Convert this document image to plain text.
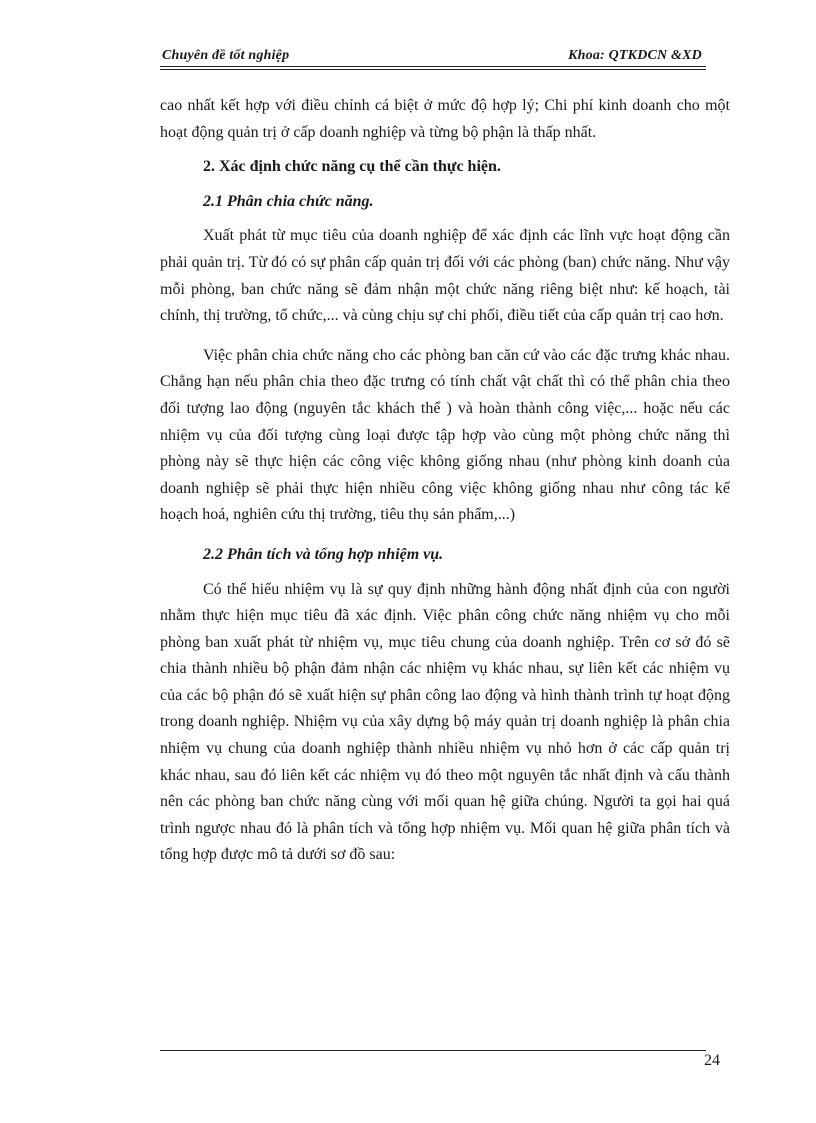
Chuyên đề tốt nghiệp	Khoa: QTKDCN &XD

cao nhất kết hợp với điều chỉnh cá biệt ở mức độ hợp lý; Chi phí kinh doanh cho một hoạt động quản trị ở cấp doanh nghiệp và từng bộ phận là thấp nhất.

2. Xác định chức năng cụ thể cần thực hiện.

2.1 Phân chia chức năng.

Xuất phát từ mục tiêu của doanh nghiệp để xác định các lĩnh vực hoạt động cần phải quản trị. Từ đó có sự phân cấp quản trị đối với các phòng (ban) chức năng. Như vậy mỗi phòng, ban chức năng sẽ đảm nhận một chức năng riêng biệt như: kế hoạch, tài chính, thị trường, tổ chức,... và cùng chịu sự chi phối, điều tiết của cấp quản trị cao hơn.

Việc phân chia chức năng cho các phòng ban căn cứ vào các đặc trưng khác nhau. Chẳng hạn nếu phân chia theo đặc trưng có tính chất vật chất thì có thể phân chia theo đối tượng lao động (nguyên tắc khách thể ) và hoàn thành công việc,... hoặc nếu các nhiệm vụ của đối tượng cùng loại được tập hợp vào cùng một phòng chức năng thì phòng này sẽ thực hiện các công việc không giống nhau (như phòng kinh doanh của doanh nghiệp sẽ phải thực hiện nhiều công việc không giống nhau như công tác kế hoạch hoá, nghiên cứu thị trường, tiêu thụ sản phẩm,...)

2.2 Phân tích và tổng hợp nhiệm vụ.

Có thể hiểu nhiệm vụ là sự quy định những hành động nhất định của con người nhằm thực hiện mục tiêu đã xác định. Việc phân công chức năng nhiệm vụ cho mỗi phòng ban xuất phát từ nhiệm vụ, mục tiêu chung của doanh nghiệp. Trên cơ sở đó sẽ chia thành nhiều bộ phận đảm nhận các nhiệm vụ khác nhau, sự liên kết các nhiệm vụ của các bộ phận đó sẽ xuất hiện sự phân công lao động và hình thành trình tự hoạt động trong doanh nghiệp. Nhiệm vụ của xây dựng bộ máy quản trị doanh nghiệp là phân chia nhiệm vụ chung của doanh nghiệp thành nhiều nhiệm vụ nhỏ hơn ở các cấp quản trị khác nhau, sau đó liên kết các nhiệm vụ đó theo một nguyên tắc nhất định và cấu thành nên các phòng ban chức năng cùng với mối quan hệ giữa chúng. Người ta gọi hai quá trình ngược nhau đó là phân tích và tổng hợp nhiệm vụ. Mối quan hệ giữa phân tích và tổng hợp được mô tả dưới sơ đồ sau:

24
